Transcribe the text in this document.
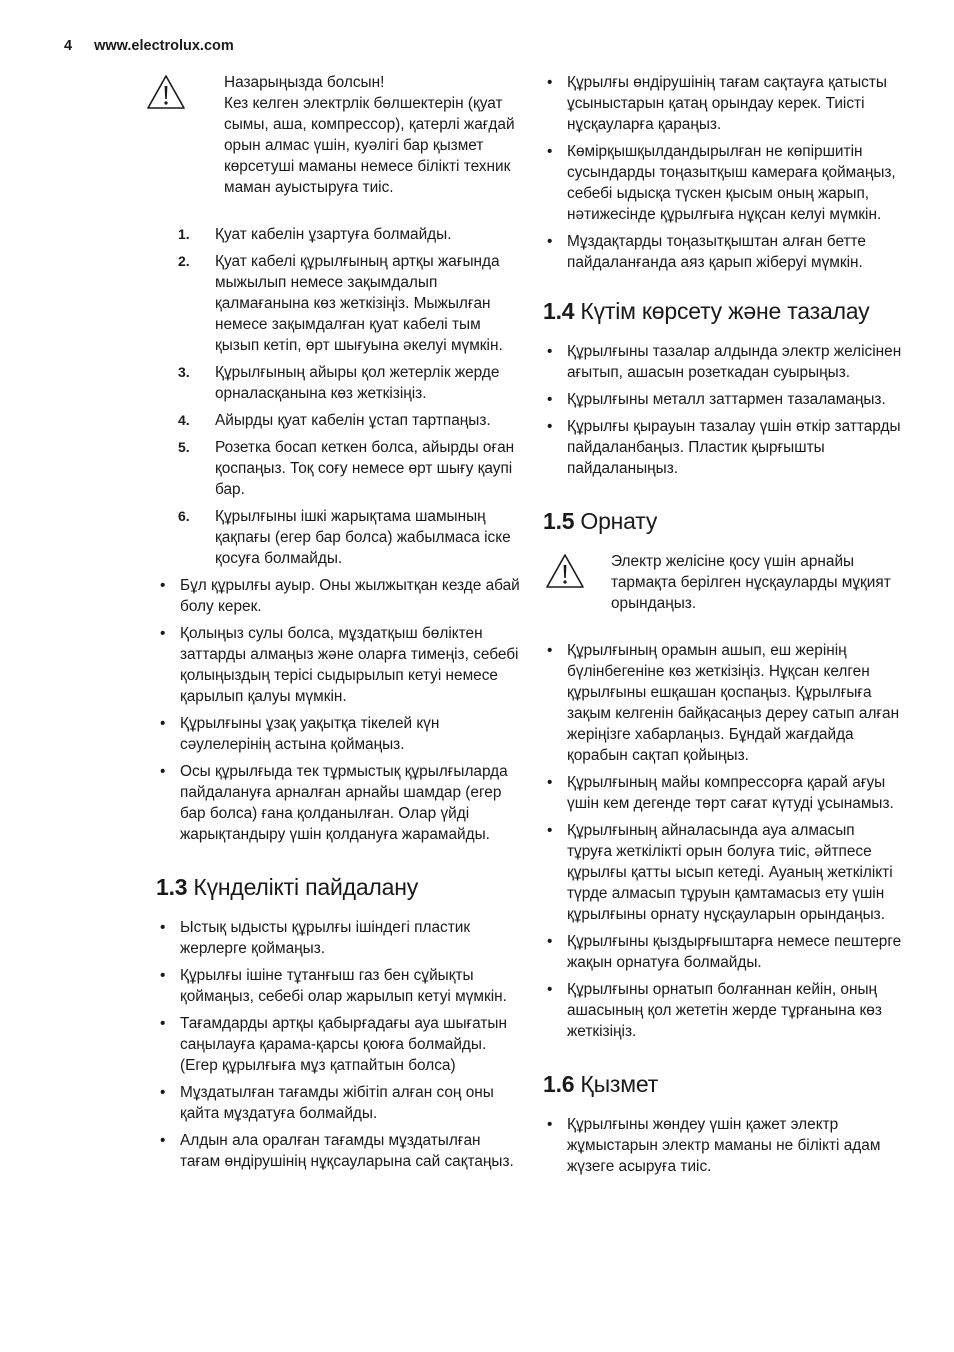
4 www.electrolux.com
Назарыңызда болсын!
Кез келген электрлік бөлшектерін (қуат сымы, аша, компрессор), қатерлі жағдай орын алмас үшін, куәлігі бар қызмет көрсетуші маманы немесе білікті техник маман ауыстыруға тиіс.
1. Қуат кабелін ұзартуға болмайды.
2. Қуат кабелі құрылғының артқы жағында мыжылып немесе зақымдалып қалмағанына көз жеткізіңіз. Мыжылған немесе зақымдалған қуат кабелі тым қызып кетіп, өрт шығуына әкелуі мүмкін.
3. Құрылғының айыры қол жетерлік жерде орналасқанына көз жеткізіңіз.
4. Айырды қуат кабелін ұстап тартпаңыз.
5. Розетка босап кеткен болса, айырды оған қоспаңыз. Тоқ соғу немесе өрт шығу қаупі бар.
6. Құрылғыны ішкі жарықтама шамының қақпағы (егер бар болса) жабылмаса іске қосуға болмайды.
• Бұл құрылғы ауыр. Оны жылжытқан кезде абай болу керек.
• Қолыңыз сулы болса, мұздатқыш бөліктен заттарды алмаңыз және оларға тимеңіз, себебі қолыңыздың терісі сыдырылып кетуі немесе қарылып қалуы мүмкін.
• Құрылғыны ұзақ уақытқа тікелей күн сәулелерінің астына қоймаңыз.
• Осы құрылғыда тек тұрмыстық құрылғыларда пайдалануға арналған арнайы шамдар (егер бар болса) ғана қолданылған. Олар үйді жарықтандыру үшін қолдануға жарамайды.
1.3 Күнделікті пайдалану
• Ыстық ыдысты құрылғы ішіндегі пластик жерлерге қоймаңыз.
• Құрылғы ішіне тұтанғыш газ бен сұйықты қоймаңыз, себебі олар жарылып кетуі мүмкін.
• Тағамдарды артқы қабырғадағы ауа шығатын саңылауға қарама-қарсы қоюға болмайды. (Егер құрылғыға мұз қатпайтын болса)
• Мұздатылған тағамды жібітіп алған соң оны қайта мұздатуға болмайды.
• Алдын ала оралған тағамды мұздатылған тағам өндірушінің нұқсауларына сай сақтаңыз.
• Құрылғы өндірушінің тағам сақтауға қатысты ұсыныстарын қатаң орындау керек. Тиісті нұсқауларға қараңыз.
• Көмірқышқылдандырылған не көпіршитін сусындарды тоңазытқыш камераға қоймаңыз, себебі ыдысқа түскен қысым оның жарып, нәтижесінде құрылғыға нұқсан келуі мүмкін.
• Мұздақтарды тоңазытқыштан алған бетте пайдаланғанда аяз қарып жіберуі мүмкін.
1.4 Күтім көрсету және тазалау
• Құрылғыны тазалар алдында электр желісінен ағытып, ашасын розеткадан суырыңыз.
• Құрылғыны металл заттармен тазаламаңыз.
• Құрылғы қырауын тазалау үшін өткір заттарды пайдаланбаңыз. Пластик қырғышты пайдаланыңыз.
1.5 Орнату
Электр желісіне қосу үшін арнайы тармақта берілген нұсқауларды мұқият орындаңыз.
• Құрылғының орамын ашып, еш жерінің бүлінбегеніне көз жеткізіңіз. Нұқсан келген құрылғыны ешқашан қоспаңыз. Құрылғыға зақым келгенін байқасаңыз дереу сатып алған жеріңізге хабарлаңыз. Бұндай жағдайда қорабын сақтап қойыңыз.
• Құрылғының майы компрессорға қарай ағуы үшін кем дегенде төрт сағат күтуді ұсынамыз.
• Құрылғының айналасында ауа алмасып тұруға жеткілікті орын болуға тиіс, әйтпесе құрылғы қатты ысып кетеді. Ауаның жеткілікті түрде алмасып тұруын қамтамасыз ету үшін құрылғыны орнату нұсқауларын орындаңыз.
• Құрылғыны қыздырғыштарға немесе пештерге жақын орнатуға болмайды.
• Құрылғыны орнатып болғаннан кейін, оның ашасының қол жететін жерде тұрғанына көз жеткізіңіз.
1.6 Қызмет
• Құрылғыны жөндеу үшін қажет электр жұмыстарын электр маманы не білікті адам жүзеге асыруға тиіс.
